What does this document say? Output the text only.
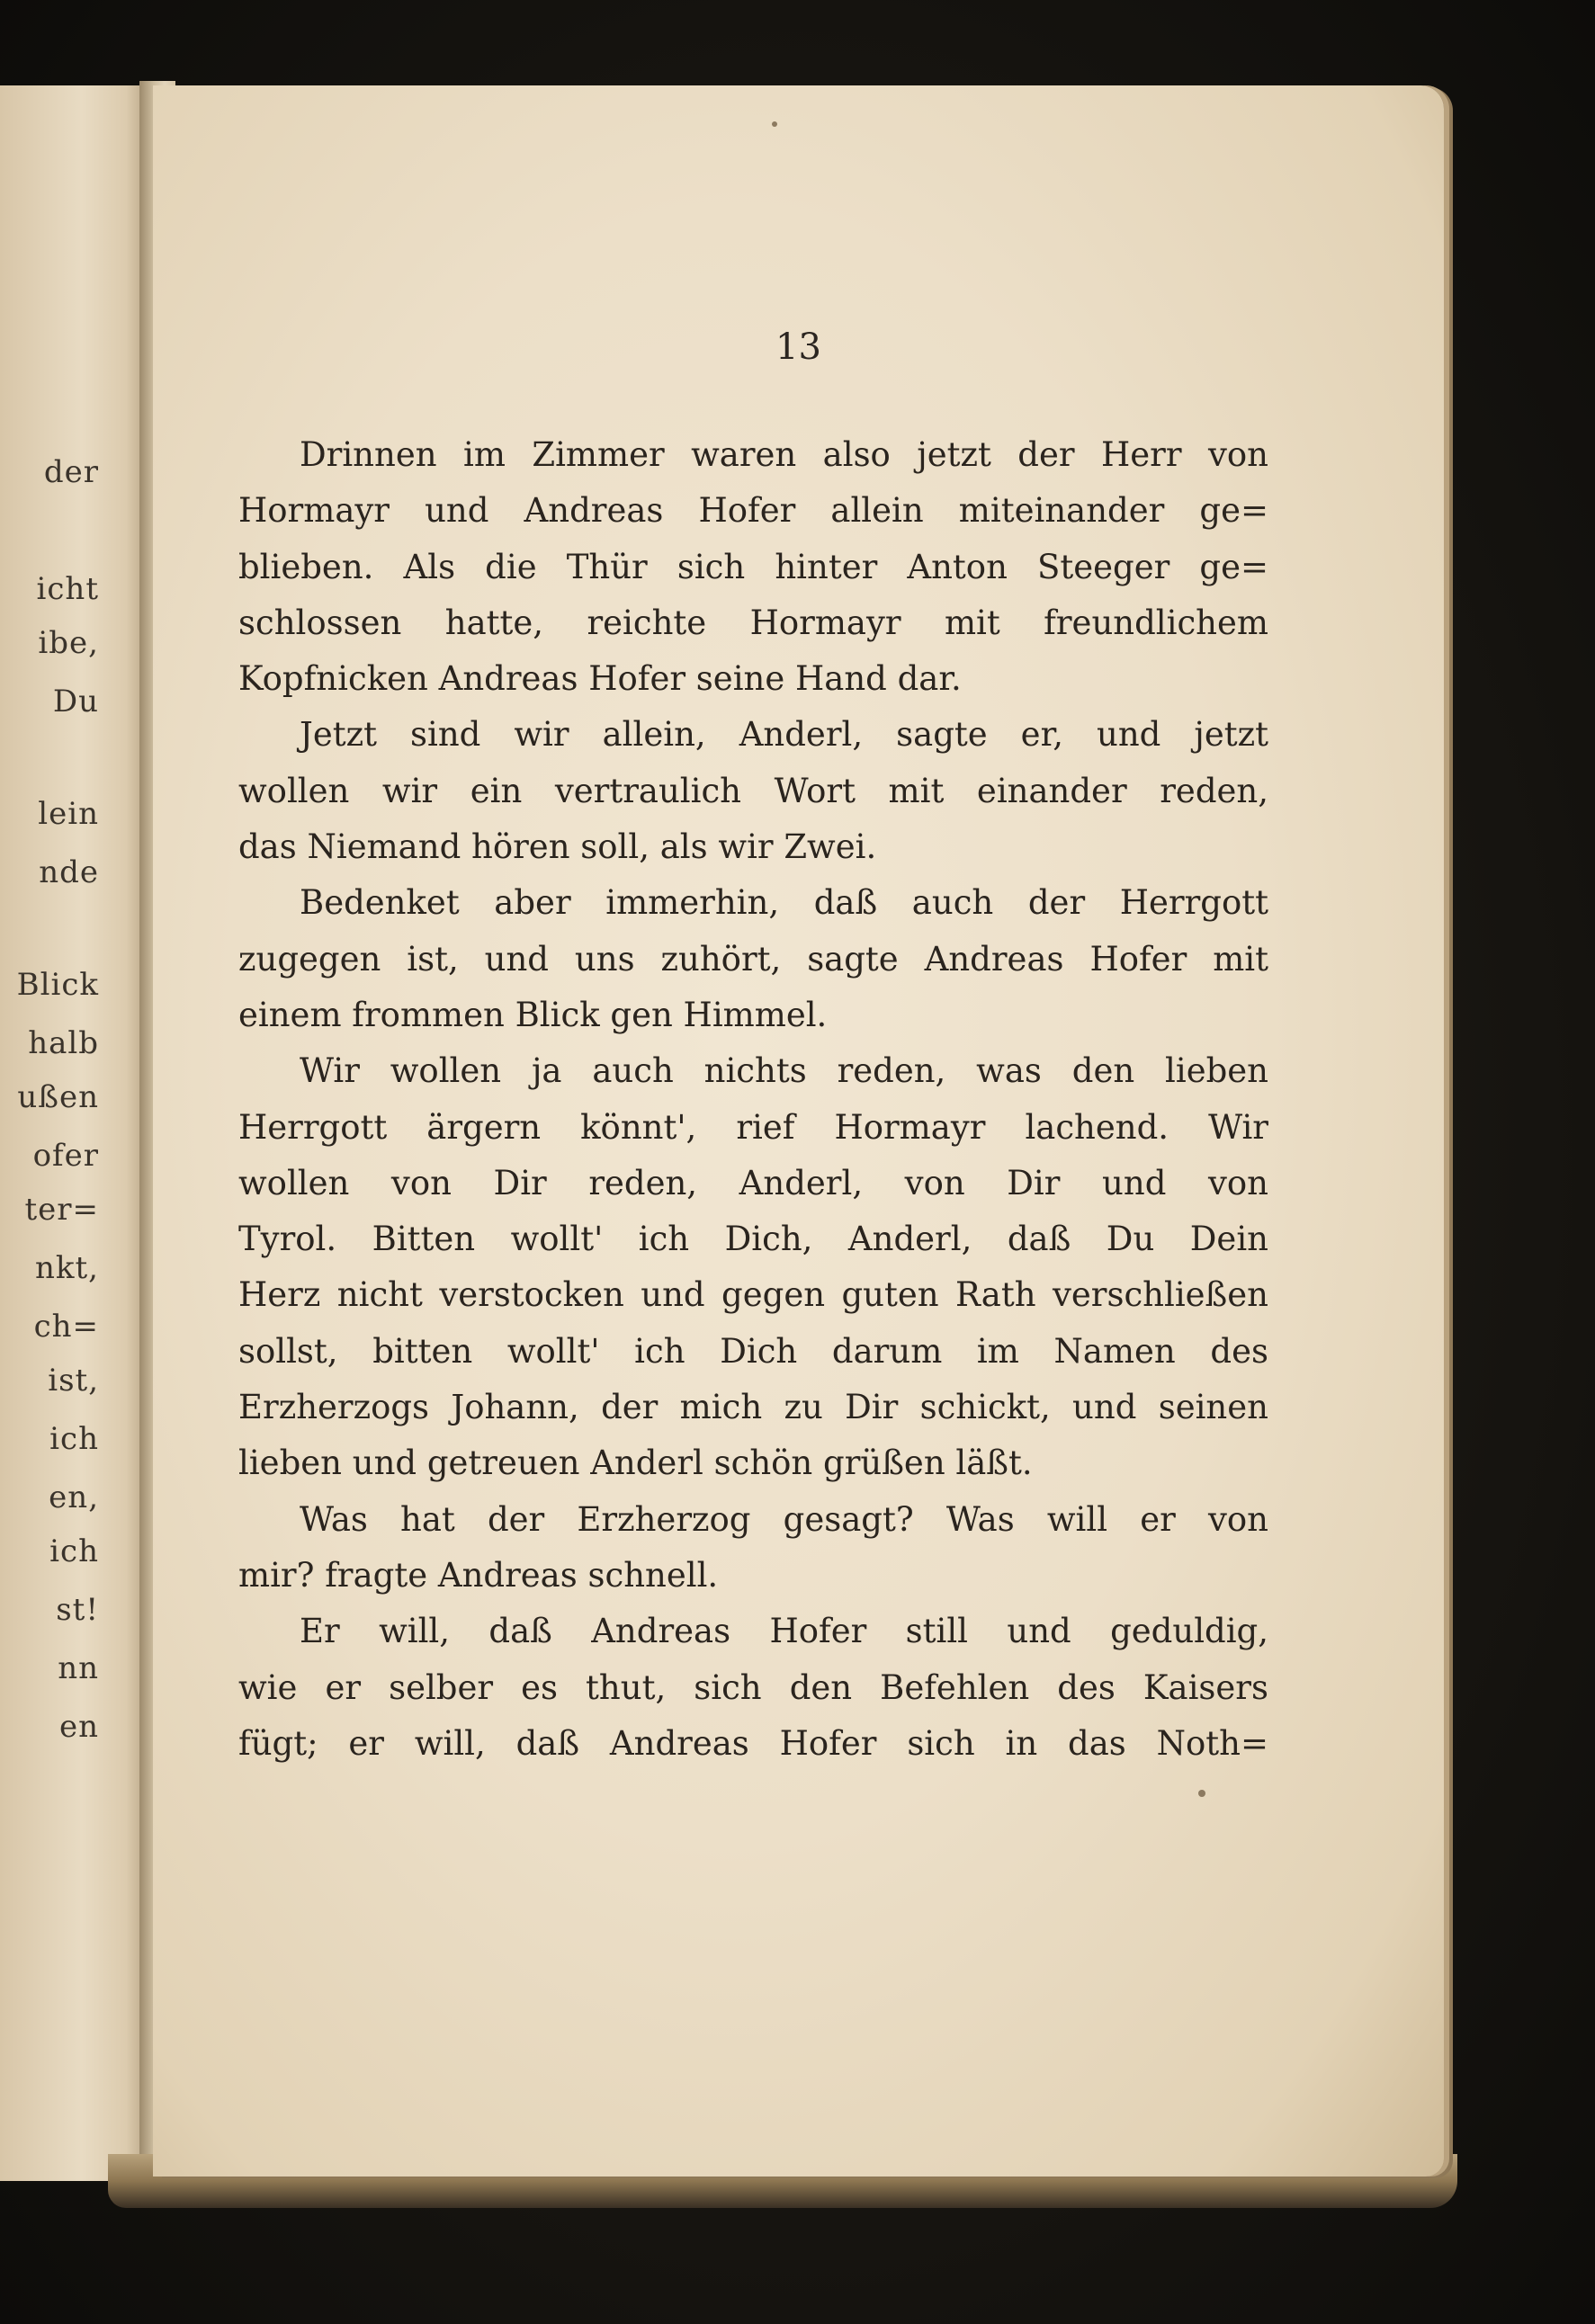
der
icht
ibe,
Du
lein
nde
Blick
halb
ußen
ofer
ter=
nkt,
ch=
ist,
ich
en,
ich
st!
nn
en
13
Drinnen im Zimmer waren also jetzt der Herr von
Hormayr und Andreas Hofer allein miteinander ge=
blieben. Als die Thür sich hinter Anton Steeger ge=
schlossen hatte, reichte Hormayr mit freundlichem
Kopfnicken Andreas Hofer seine Hand dar.
Jetzt sind wir allein, Anderl, sagte er, und jetzt
wollen wir ein vertraulich Wort mit einander reden,
das Niemand hören soll, als wir Zwei.
Bedenket aber immerhin, daß auch der Herrgott
zugegen ist, und uns zuhört, sagte Andreas Hofer mit
einem frommen Blick gen Himmel.
Wir wollen ja auch nichts reden, was den lieben
Herrgott ärgern könnt', rief Hormayr lachend. Wir
wollen von Dir reden, Anderl, von Dir und von
Tyrol. Bitten wollt' ich Dich, Anderl, daß Du Dein
Herz nicht verstocken und gegen guten Rath verschließen
sollst, bitten wollt' ich Dich darum im Namen des
Erzherzogs Johann, der mich zu Dir schickt, und seinen
lieben und getreuen Anderl schön grüßen läßt.
Was hat der Erzherzog gesagt? Was will er von
mir? fragte Andreas schnell.
Er will, daß Andreas Hofer still und geduldig,
wie er selber es thut, sich den Befehlen des Kaisers
fügt; er will, daß Andreas Hofer sich in das Noth=
